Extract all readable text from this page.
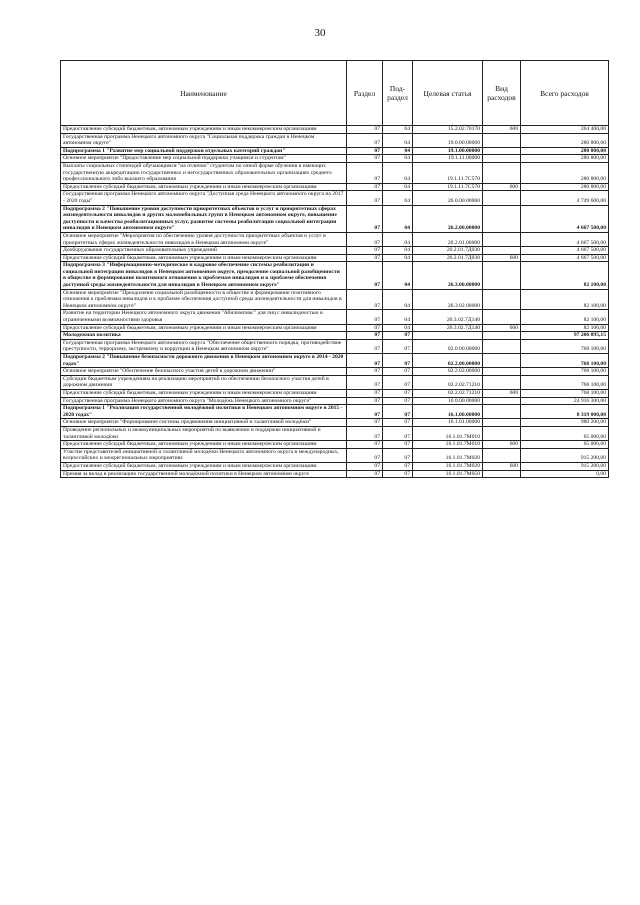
30
Наименование	Раздел	Под-раздел	Целевая статья	Вид расходов	Всего расходов
Предоставление субсидий бюджетным, автономным учреждениям и иным некоммерческим организациям	07	04	15.2.02.70170	600	264 400,00
Государственная программа Ненецкого автономного округа "Социальная поддержка граждан в Ненецком автономном округе"	07	04	19.0.00.00000		280 800,00
Подпрограмма 1 "Развитие мер социальной поддержки отдельных категорий граждан"	07	04	19.1.00.00000		280 800,00
Основное мероприятие "Предоставление мер социальной поддержки учащимся и студентам"	07	04	19.1.11.00000		280 800,00
Выплаты социальных стипендий обучающимся "на отлично" студентам по очной форме обучения в имеющих государственную аккредитацию государственных и негосударственных образовательных организациях среднего профессионального либо высшего образования	07	04	19.1.11.7С570		280 800,00
Предоставление субсидий бюджетным, автономным учреждениям и иным некоммерческим организациям	07	04	19.1.11.7С570	600	280 800,00
Государственная программа Ненецкого автономного округа "Доступная среда Ненецкого автономного округа на 2017 - 2020 годы"	07	04	26.0.00.00000		4 749 600,00
Подпрограмма 2 "Повышение уровня доступности приоритетных объектов и услуг в приоритетных сферах жизнедеятельности инвалидов и других маломобильных групп в Ненецком автономном округе, повышение доступности и качества реабилитационных услуг, развитие системы реабилитации социальной интеграции инвалидов в Ненецком автономном округе"	07	04	26.2.00.00000		4 667 500,00
Основное мероприятие "Мероприятия по обеспечению уровня доступности приоритетных объектов и услуг в приоритетных сферах жизнедеятельности инвалидов в Ненецком автономном округе"	07	04	26.2.01.00000		4 667 500,00
Дооборудование государственных образовательных учреждений	07	04	26.2.01.7Д030		4 667 500,00
Предоставление субсидий бюджетным, автономным учреждениям и иным некоммерческим организациям	07	04	26.2.01.7Д030	600	4 667 500,00
Подпрограмма 3 "Информационно-методическое и кадровое обеспечение системы реабилитации и социальной интеграции инвалидов в Ненецком автономном округе, преодоление социальной разобщенности в обществе и формирование позитивного отношения к проблемам инвалидов и к проблеме обеспечения доступной среды жизнедеятельности для инвалидов в Ненецком автономном округе"	07	04	26.3.00.00000		82 100,00
Основное мероприятие "Преодоление социальной разобщенности в обществе и формирование позитивного отношения к проблемам инвалидов и к проблеме обеспечения доступной среды жизнедеятельности для инвалидов в Ненецком автономном округе"	07	04	26.3.02.00000		82 100,00
Развитие на территории Ненецкого автономного округа движения "Абилимпикс" для лиц с инвалидностью и ограниченными возможностями здоровья	07	04	26.3.02.7Д140		82 100,00
Предоставление субсидий бюджетным, автономным учреждениям и иным некоммерческим организациям	07	04	26.3.02.7Д140	600	82 100,00
Молодежная политика	07	07			97 206 095,15
Государственная программа Ненецкого автономного округа "Обеспечение общественного порядка, противодействие преступности, терроризму, экстремизму и коррупции в Ненецком автономном округе"	07	07	02.0.00.00000		768 100,00
Подпрограмма 2 "Повышение безопасности дорожного движения в Ненецком автономном округе в 2014 - 2020 годах"	07	07	02.2.00.00000		768 100,00
Основное мероприятие "Обеспечение безопасного участия детей в дорожном движении"	07	07	02.2.02.00000		768 100,00
Субсидии бюджетным учреждениям на реализацию мероприятий по обеспечению безопасного участия детей в дорожном движении	07	07	02.2.02.71210		768 100,00
Предоставление субсидий бюджетным, автономным учреждениям и иным некоммерческим организациям	07	07	02.2.02.71210	600	768 100,00
Государственная программа Ненецкого автономного округа "Молодёжь Ненецкого автономного округа"	07	07	16.0.00.00000		24 916 300,00
Подпрограмма 1 "Реализация государственной молодёжной политики в Ненецком автономном округе в 2015 - 2020 годах"	07	07	16.1.00.00000		8 319 000,00
Основное мероприятие "Формирование системы продвижения инициативной и талантливой молодёжи"	07	07	16.1.01.00000		980 200,00
Проведение региональных и межмуниципальных мероприятий по выявлению и поддержке инициативной и талантливой молодёжи	07	07	16.1.01.7М010		65 000,00
Предоставление субсидий бюджетным, автономным учреждениям и иным некоммерческим организациям	07	07	16.1.01.7М010	600	65 000,00
Участие представителей инициативной и талантливой молодёжи Ненецкого автономного округа в международных, всероссийских и межрегиональных мероприятиях	07	07	16.1.01.7М020		915 200,00
Предоставление субсидий бюджетным, автономным учреждениям и иным некоммерческим организациям	07	07	16.1.01.7М020	600	915 200,00
Премия за вклад в реализацию государственной молодёжной политики в Ненецком автономном округе	07	07	16.1.01.7М050		0,00
